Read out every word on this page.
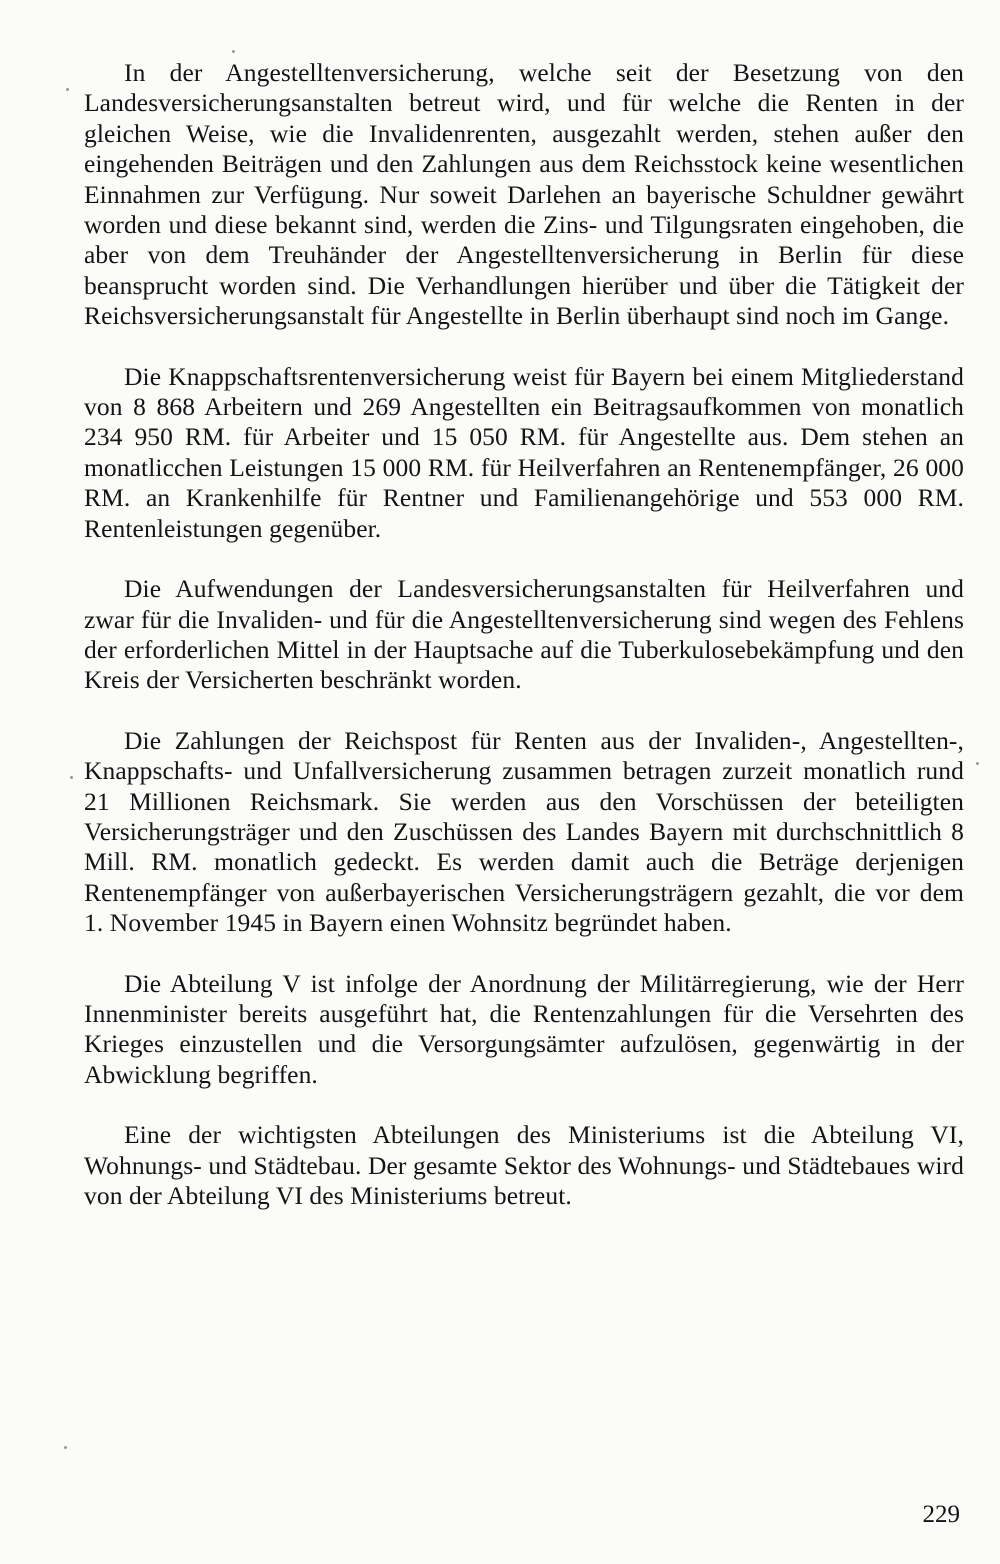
In der Angestelltenversicherung, welche seit der Besetzung von den Landesversicherungsanstalten betreut wird, und für welche die Renten in der gleichen Weise, wie die Invalidenrenten, ausgezahlt werden, stehen außer den eingehenden Beiträgen und den Zahlungen aus dem Reichsstock keine wesentlichen Einnahmen zur Verfügung. Nur soweit Darlehen an bayerische Schuldner gewährt worden und diese bekannt sind, werden die Zins- und Tilgungsraten eingehoben, die aber von dem Treuhänder der Angestelltenversicherung in Berlin für diese beansprucht worden sind. Die Verhandlungen hierüber und über die Tätigkeit der Reichsversicherungsanstalt für Angestellte in Berlin überhaupt sind noch im Gange.

Die Knappschaftsrentenversicherung weist für Bayern bei einem Mitgliederstand von 8 868 Arbeitern und 269 Angestellten ein Beitragsaufkommen von monatlich 234 950 RM. für Arbeiter und 15 050 RM. für Angestellte aus. Dem stehen an monatlicchen Leistungen 15 000 RM. für Heilverfahren an Rentenempfänger, 26 000 RM. an Krankenhilfe für Rentner und Familienangehörige und 553 000 RM. Rentenleistungen gegenüber.

Die Aufwendungen der Landesversicherungsanstalten für Heilverfahren und zwar für die Invaliden- und für die Angestelltenversicherung sind wegen des Fehlens der erforderlichen Mittel in der Hauptsache auf die Tuberkulosebekämpfung und den Kreis der Versicherten beschränkt worden.

Die Zahlungen der Reichspost für Renten aus der Invaliden-, Angestellten-, Knappschafts- und Unfallversicherung zusammen betragen zurzeit monatlich rund 21 Millionen Reichsmark. Sie werden aus den Vorschüssen der beteiligten Versicherungsträger und den Zuschüssen des Landes Bayern mit durchschnittlich 8 Mill. RM. monatlich gedeckt. Es werden damit auch die Beträge derjenigen Rentenempfänger von außerbayerischen Versicherungsträgern gezahlt, die vor dem 1. November 1945 in Bayern einen Wohnsitz begründet haben.

Die Abteilung V ist infolge der Anordnung der Militärregierung, wie der Herr Innenminister bereits ausgeführt hat, die Rentenzahlungen für die Versehrten des Krieges einzustellen und die Versorgungsämter aufzulösen, gegenwärtig in der Abwicklung begriffen.

Eine der wichtigsten Abteilungen des Ministeriums ist die Abteilung VI, Wohnungs- und Städtebau. Der gesamte Sektor des Wohnungs- und Städtebaues wird von der Abteilung VI des Ministeriums betreut.

229
